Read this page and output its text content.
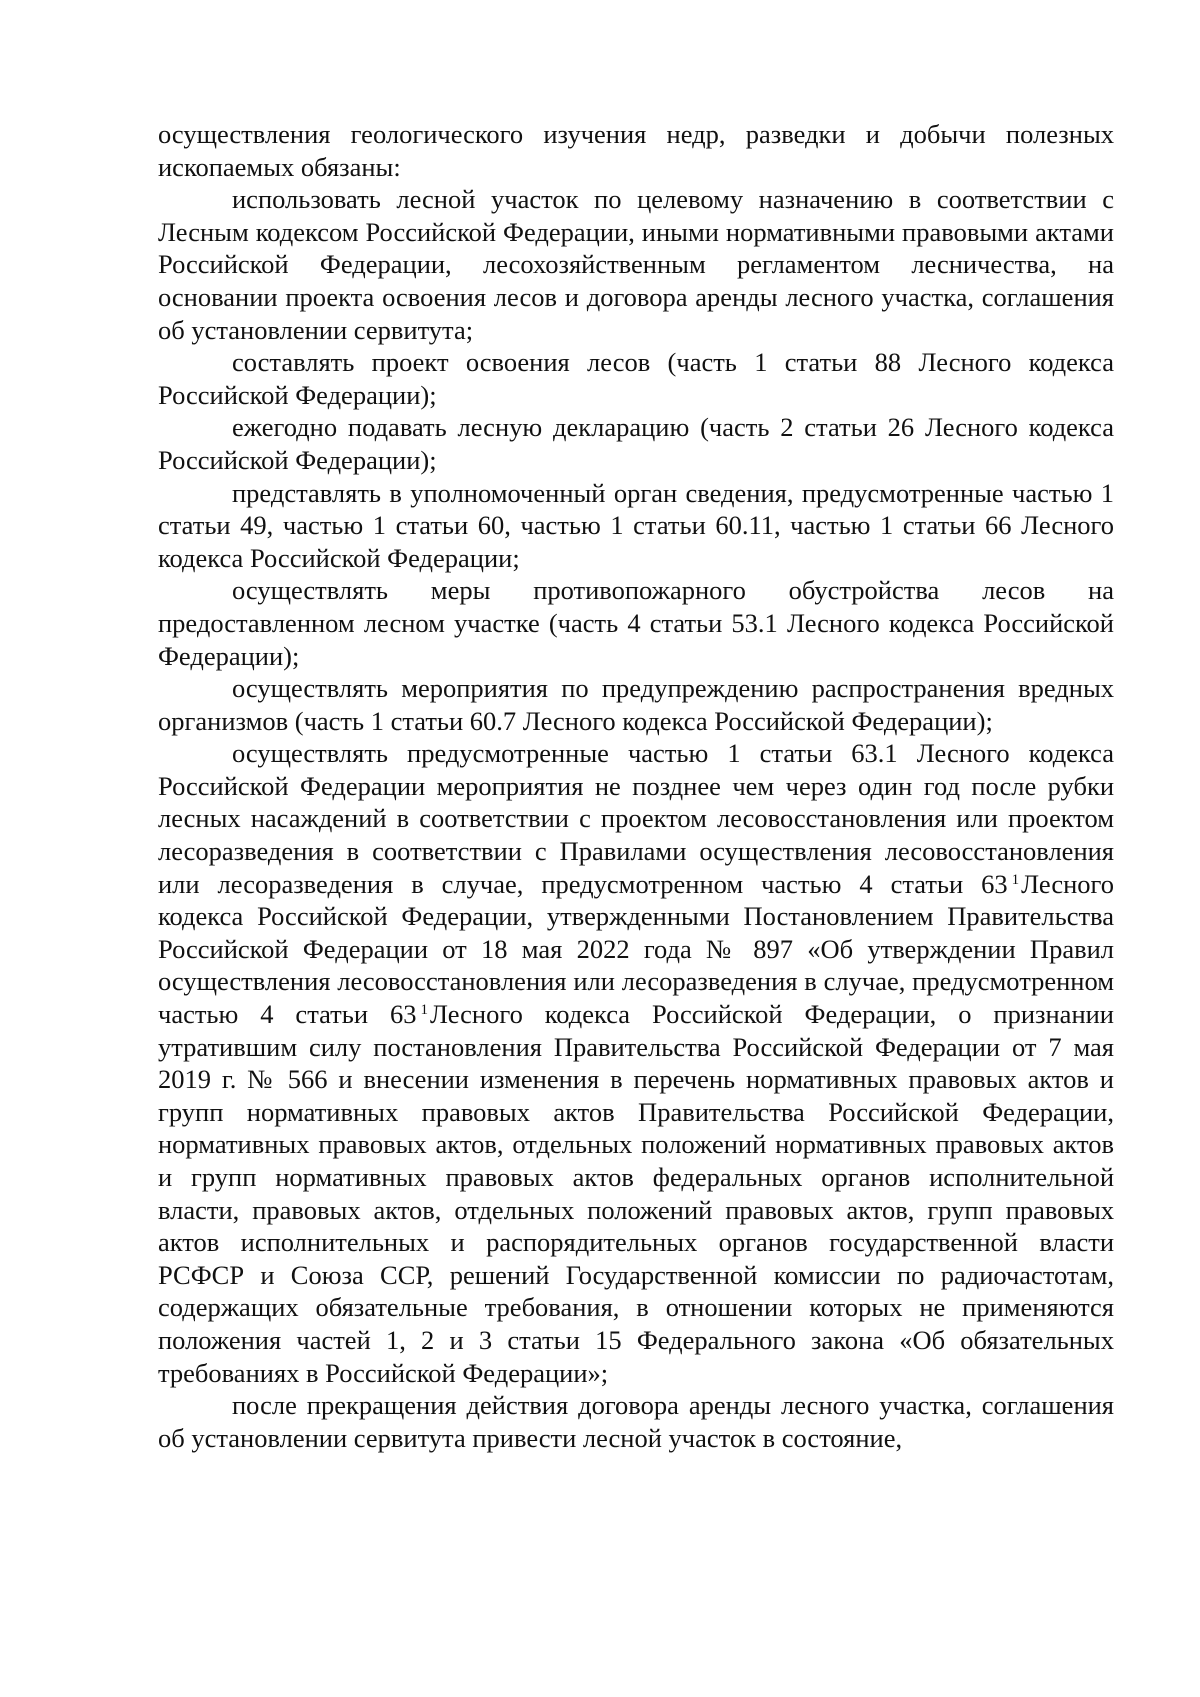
осуществления геологического изучения недр, разведки и добычи полезных ископаемых обязаны:

использовать лесной участок по целевому назначению в соответствии с Лесным кодексом Российской Федерации, иными нормативными правовыми актами Российской Федерации, лесохозяйственным регламентом лесничества, на основании проекта освоения лесов и договора аренды лесного участка, соглашения об установлении сервитута;

составлять проект освоения лесов (часть 1 статьи 88 Лесного кодекса Российской Федерации);

ежегодно подавать лесную декларацию (часть 2 статьи 26 Лесного кодекса Российской Федерации);

представлять в уполномоченный орган сведения, предусмотренные частью 1 статьи 49, частью 1 статьи 60, частью 1 статьи 60.11, частью 1 статьи 66 Лесного кодекса Российской Федерации;

осуществлять меры противопожарного обустройства лесов на предоставленном лесном участке (часть 4 статьи 53.1 Лесного кодекса Российской Федерации);

осуществлять мероприятия по предупреждению распространения вредных организмов (часть 1 статьи 60.7 Лесного кодекса Российской Федерации);

осуществлять предусмотренные частью 1 статьи 63.1 Лесного кодекса Российской Федерации мероприятия не позднее чем через один год после рубки лесных насаждений в соответствии с проектом лесовосстановления или проектом лесоразведения в соответствии с Правилами осуществления лесовосстановления или лесоразведения в случае, предусмотренном частью 4 статьи 63 $^1$Лесного кодекса Российской Федерации, утвержденными Постановлением Правительства Российской Федерации от 18 мая 2022 года № 897 «Об утверждении Правил осуществления лесовосстановления или лесоразведения в случае, предусмотренном частью 4 статьи 63 $^1$Лесного кодекса Российской Федерации, о признании утратившим силу постановления Правительства Российской Федерации от 7 мая 2019 г. № 566 и внесении изменения в перечень нормативных правовых актов и групп нормативных правовых актов Правительства Российской Федерации, нормативных правовых актов, отдельных положений нормативных правовых актов и групп нормативных правовых актов федеральных органов исполнительной власти, правовых актов, отдельных положений правовых актов, групп правовых актов исполнительных и распорядительных органов государственной власти РСФСР и Союза ССР, решений Государственной комиссии по радиочастотам, содержащих обязательные требования, в отношении которых не применяются положения частей 1, 2 и 3 статьи 15 Федерального закона «Об обязательных требованиях в Российской Федерации»;

после прекращения действия договора аренды лесного участка, соглашения об установлении сервитута привести лесной участок в состояние,
